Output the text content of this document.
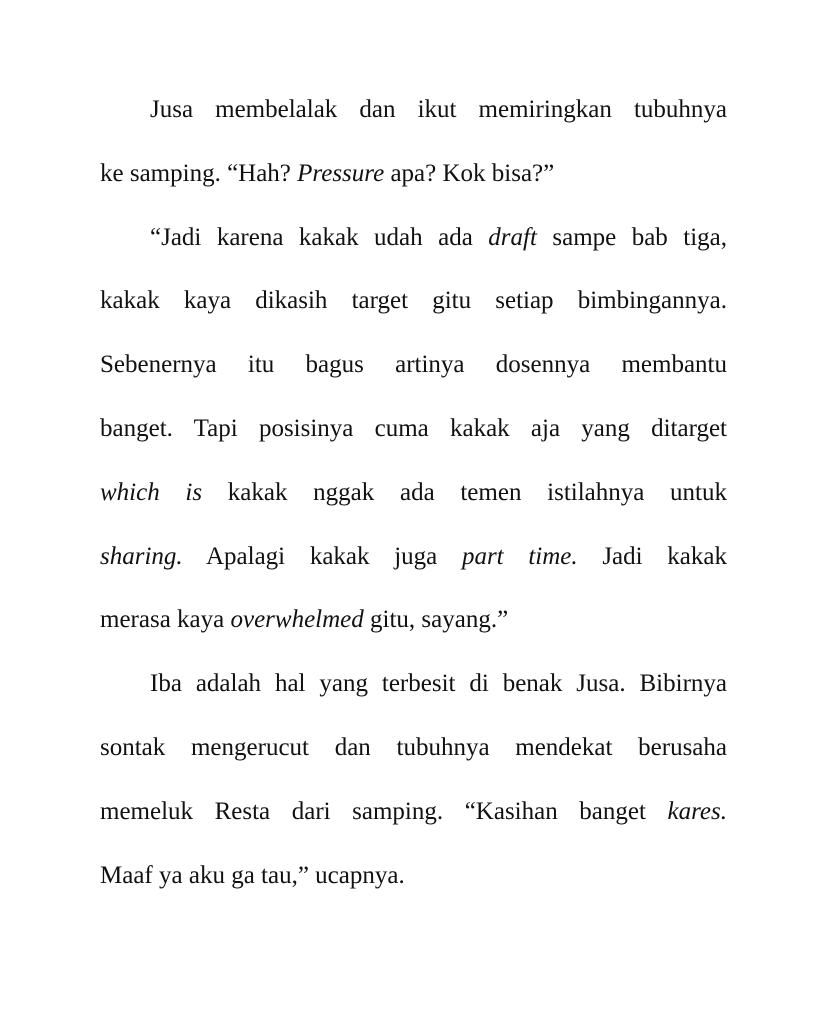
Jusa membelalak dan ikut memiringkan tubuhnya
ke samping. “Hah? Pressure apa? Kok bisa?”
“Jadi karena kakak udah ada draft sampe bab tiga,
kakak kaya dikasih target gitu setiap bimbingannya.
Sebenernya itu bagus artinya dosennya membantu
banget. Tapi posisinya cuma kakak aja yang ditarget
which is kakak nggak ada temen istilahnya untuk
sharing. Apalagi kakak juga part time. Jadi kakak
merasa kaya overwhelmed gitu, sayang.”
Iba adalah hal yang terbesit di benak Jusa. Bibirnya
sontak mengerucut dan tubuhnya mendekat berusaha
memeluk Resta dari samping. “Kasihan banget kares.
Maaf ya aku ga tau,” ucapnya.
